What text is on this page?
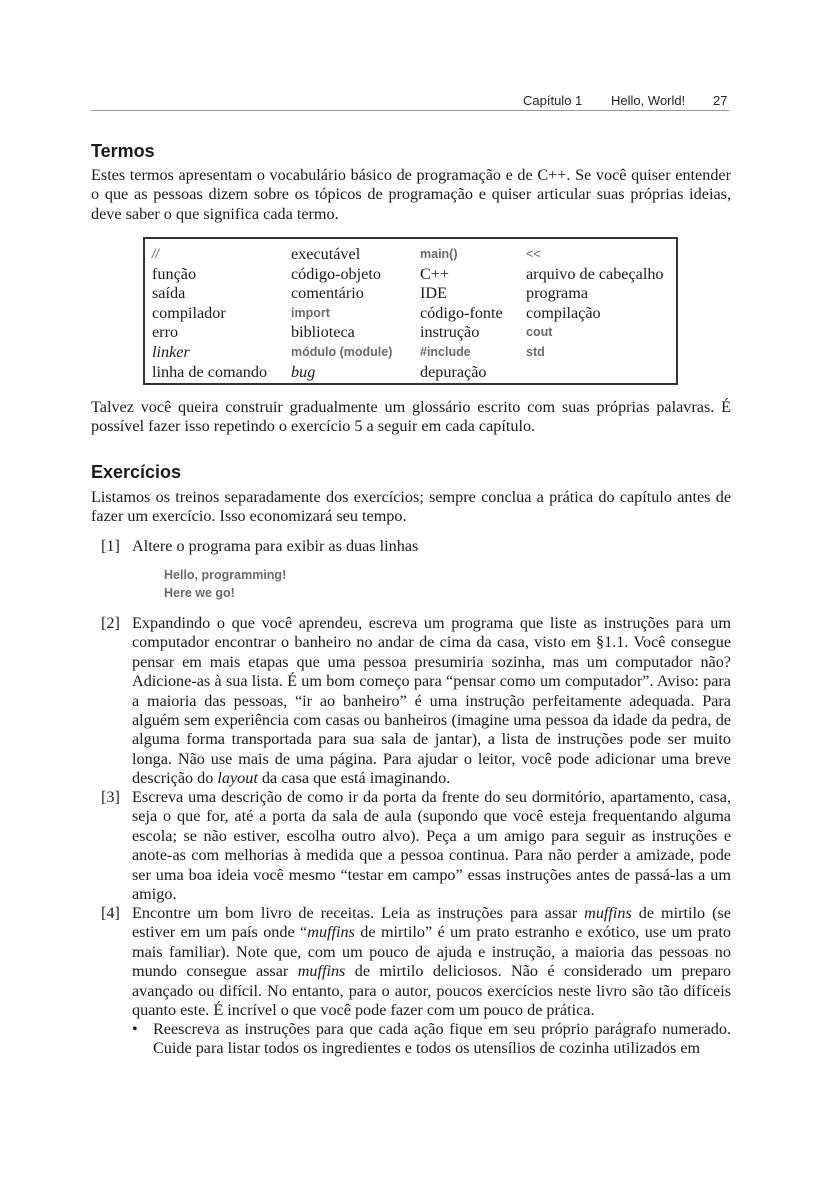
Capítulo 1 Hello, World! 27
Termos
Estes termos apresentam o vocabulário básico de programação e de C++. Se você quiser entender o que as pessoas dizem sobre os tópicos de programação e quiser articular suas próprias ideias, deve saber o que significa cada termo.
//
função
saída
compilador
erro
linker
linha de comando
executável
código-objeto
comentário
import
biblioteca
módulo (module)
bug
main()
C++
IDE
código-fonte
instrução
#include
depuração
<<
arquivo de cabeçalho
programa
compilação
cout
std
Talvez você queira construir gradualmente um glossário escrito com suas próprias palavras. É possível fazer isso repetindo o exercício 5 a seguir em cada capítulo.
Exercícios
Listamos os treinos separadamente dos exercícios; sempre conclua a prática do capítulo antes de fazer um exercício. Isso economizará seu tempo.
[1] Altere o programa para exibir as duas linhas
Hello, programming!
Here we go!
[2] Expandindo o que você aprendeu, escreva um programa que liste as instruções para um computador encontrar o banheiro no andar de cima da casa, visto em §1.1. Você consegue pensar em mais etapas que uma pessoa presumiria sozinha, mas um computador não? Adicione-as à sua lista. É um bom começo para “pensar como um computador”. Aviso: para a maioria das pessoas, “ir ao banheiro” é uma instrução perfeitamente adequada. Para alguém sem experiência com casas ou banheiros (imagine uma pessoa da idade da pedra, de alguma forma transportada para sua sala de jantar), a lista de instruções pode ser muito longa. Não use mais de uma página. Para ajudar o leitor, você pode adicionar uma breve descrição do layout da casa que está imaginando.
[3] Escreva uma descrição de como ir da porta da frente do seu dormitório, apartamento, casa, seja o que for, até a porta da sala de aula (supondo que você esteja frequentando alguma escola; se não estiver, escolha outro alvo). Peça a um amigo para seguir as instruções e anote-as com melhorias à medida que a pessoa continua. Para não perder a amizade, pode ser uma boa ideia você mesmo “testar em campo” essas instruções antes de passá-las a um amigo.
[4] Encontre um bom livro de receitas. Leia as instruções para assar muffins de mirtilo (se estiver em um país onde “muffins de mirtilo” é um prato estranho e exótico, use um prato mais familiar). Note que, com um pouco de ajuda e instrução, a maioria das pessoas no mundo consegue assar muffins de mirtilo deliciosos. Não é considerado um preparo avançado ou difícil. No entanto, para o autor, poucos exercícios neste livro são tão difíceis quanto este. É incrível o que você pode fazer com um pouco de prática.
• Reescreva as instruções para que cada ação fique em seu próprio parágrafo numerado. Cuide para listar todos os ingredientes e todos os utensílios de cozinha utilizados em
